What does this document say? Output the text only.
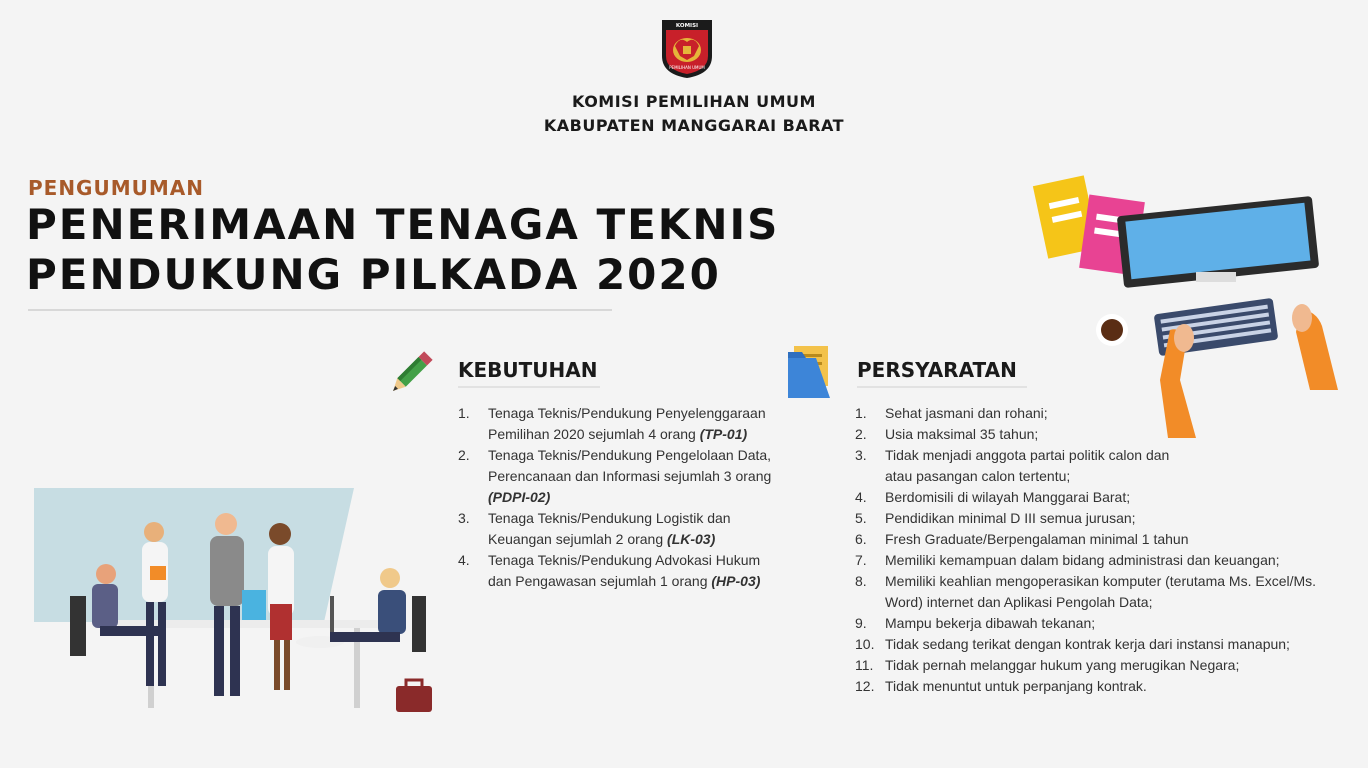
KOMISI
PEMILIHAN UMUM
KOMISI PEMILIHAN UMUM
KABUPATEN MANGGARAI BARAT
PENGUMUMAN
PENERIMAAN TENAGA TEKNIS
PENDUKUNG PILKADA 2020
KEBUTUHAN
1. Tenaga Teknis/Pendukung Penyelenggaraan Pemilihan 2020 sejumlah 4 orang (TP-01)
2. Tenaga Teknis/Pendukung Pengelolaan Data, Perencanaan dan Informasi sejumlah 3 orang (PDPI-02)
3. Tenaga Teknis/Pendukung Logistik dan Keuangan sejumlah 2 orang (LK-03)
4. Tenaga Teknis/Pendukung Advokasi Hukum dan Pengawasan sejumlah 1 orang (HP-03)
PERSYARATAN
1. Sehat jasmani dan rohani;
2. Usia maksimal 35 tahun;
3. Tidak menjadi anggota partai politik calon dan atau pasangan calon tertentu;
4. Berdomisili di wilayah Manggarai Barat;
5. Pendidikan minimal D III semua jurusan;
6. Fresh Graduate/Berpengalaman minimal 1 tahun
7. Memiliki kemampuan dalam bidang administrasi dan keuangan;
8. Memiliki keahlian mengoperasikan komputer (terutama Ms. Excel/Ms. Word) internet dan Aplikasi Pengolah Data;
9. Mampu bekerja dibawah tekanan;
10. Tidak sedang terikat dengan kontrak kerja dari instansi manapun;
11. Tidak pernah melanggar hukum yang merugikan Negara;
12. Tidak menuntut untuk perpanjang kontrak.
